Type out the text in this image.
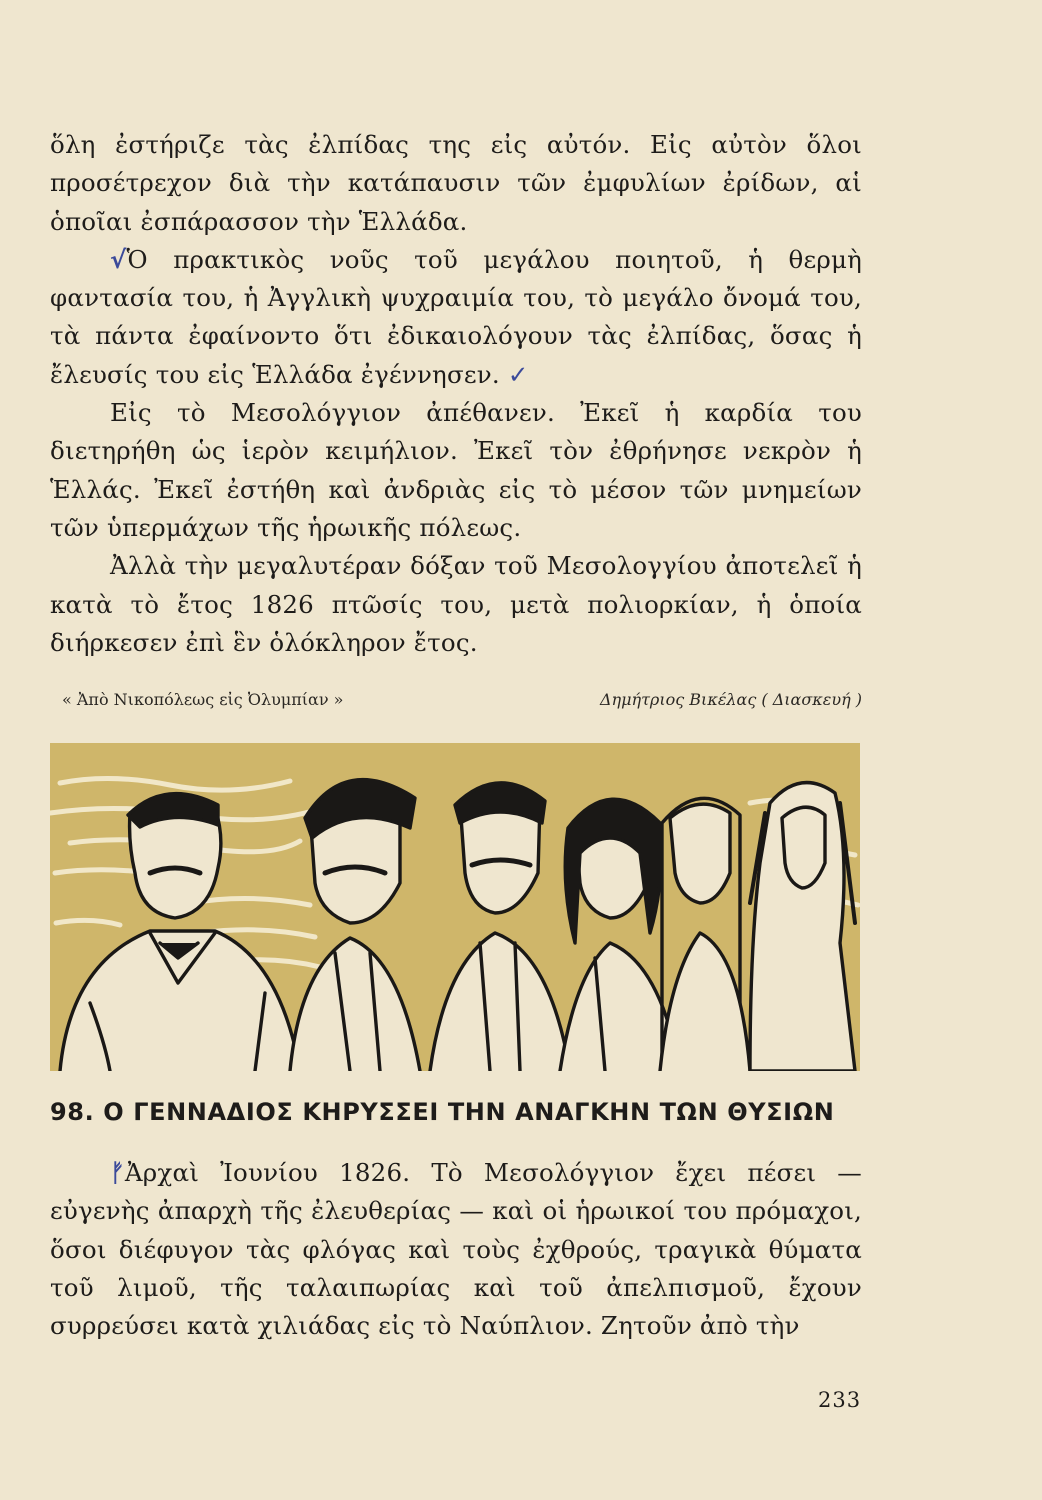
ὅλη ἐστήριζε τὰς ἐλπίδας της εἰς αὐτόν. Εἰς αὐτὸν ὅλοι προσέτρεχον διὰ τὴν κατάπαυσιν τῶν ἐμφυλίων ἐρίδων, αἱ ὁποῖαι ἐσπάρασσον τὴν Ἑλλάδα.

√Ὁ πρακτικὸς νοῦς τοῦ μεγάλου ποιητοῦ, ἡ θερμὴ φαντασία του, ἡ Ἀγγλικὴ ψυχραιμία του, τὸ μεγάλο ὄνομά του, τὰ πάντα ἐφαίνοντο ὅτι ἐδικαιολόγουν τὰς ἐλπίδας, ὅσας ἡ ἔλευσίς του εἰς Ἑλλάδα ἐγέννησεν. ✓

Εἰς τὸ Μεσολόγγιον ἀπέθανεν. Ἐκεῖ ἡ καρδία του διετηρήθη ὡς ἱερὸν κειμήλιον. Ἐκεῖ τὸν ἐθρήνησε νεκρὸν ἡ Ἑλλάς. Ἐκεῖ ἐστήθη καὶ ἀνδριὰς εἰς τὸ μέσον τῶν μνημείων τῶν ὑπερμάχων τῆς ἡρωικῆς πόλεως.

Ἀλλὰ τὴν μεγαλυτέραν δόξαν τοῦ Μεσολογγίου ἀποτελεῖ ἡ κατὰ τὸ ἔτος 1826 πτῶσίς του, μετὰ πολιορκίαν, ἡ ὁποία διήρκεσεν ἐπὶ ἓν ὁλόκληρον ἔτος.

« Ἀπὸ Νικοπόλεως εἰς Ὀλυμπίαν »	Δημήτριος Βικέλας ( Διασκευή )
98. Ο ΓΕΝΝΑΔΙΟΣ ΚΗΡΥΣΣΕΙ ΤΗΝ ΑΝΑΓΚΗΝ ΤΩΝ ΘΥΣΙΩΝ

ᚠἈρχαὶ Ἰουνίου 1826. Τὸ Μεσολόγγιον ἔχει πέσει — εὐγενὴς ἀπαρχὴ τῆς ἐλευθερίας — καὶ οἱ ἡρωικοί του πρόμαχοι, ὅσοι διέφυγον τὰς φλόγας καὶ τοὺς ἐχθρούς, τραγικὰ θύματα τοῦ λιμοῦ, τῆς ταλαιπωρίας καὶ τοῦ ἀπελπισμοῦ, ἔχουν συρρεύσει κατὰ χιλιάδας εἰς τὸ Ναύπλιον. Ζητοῦν ἀπὸ τὴν

233
